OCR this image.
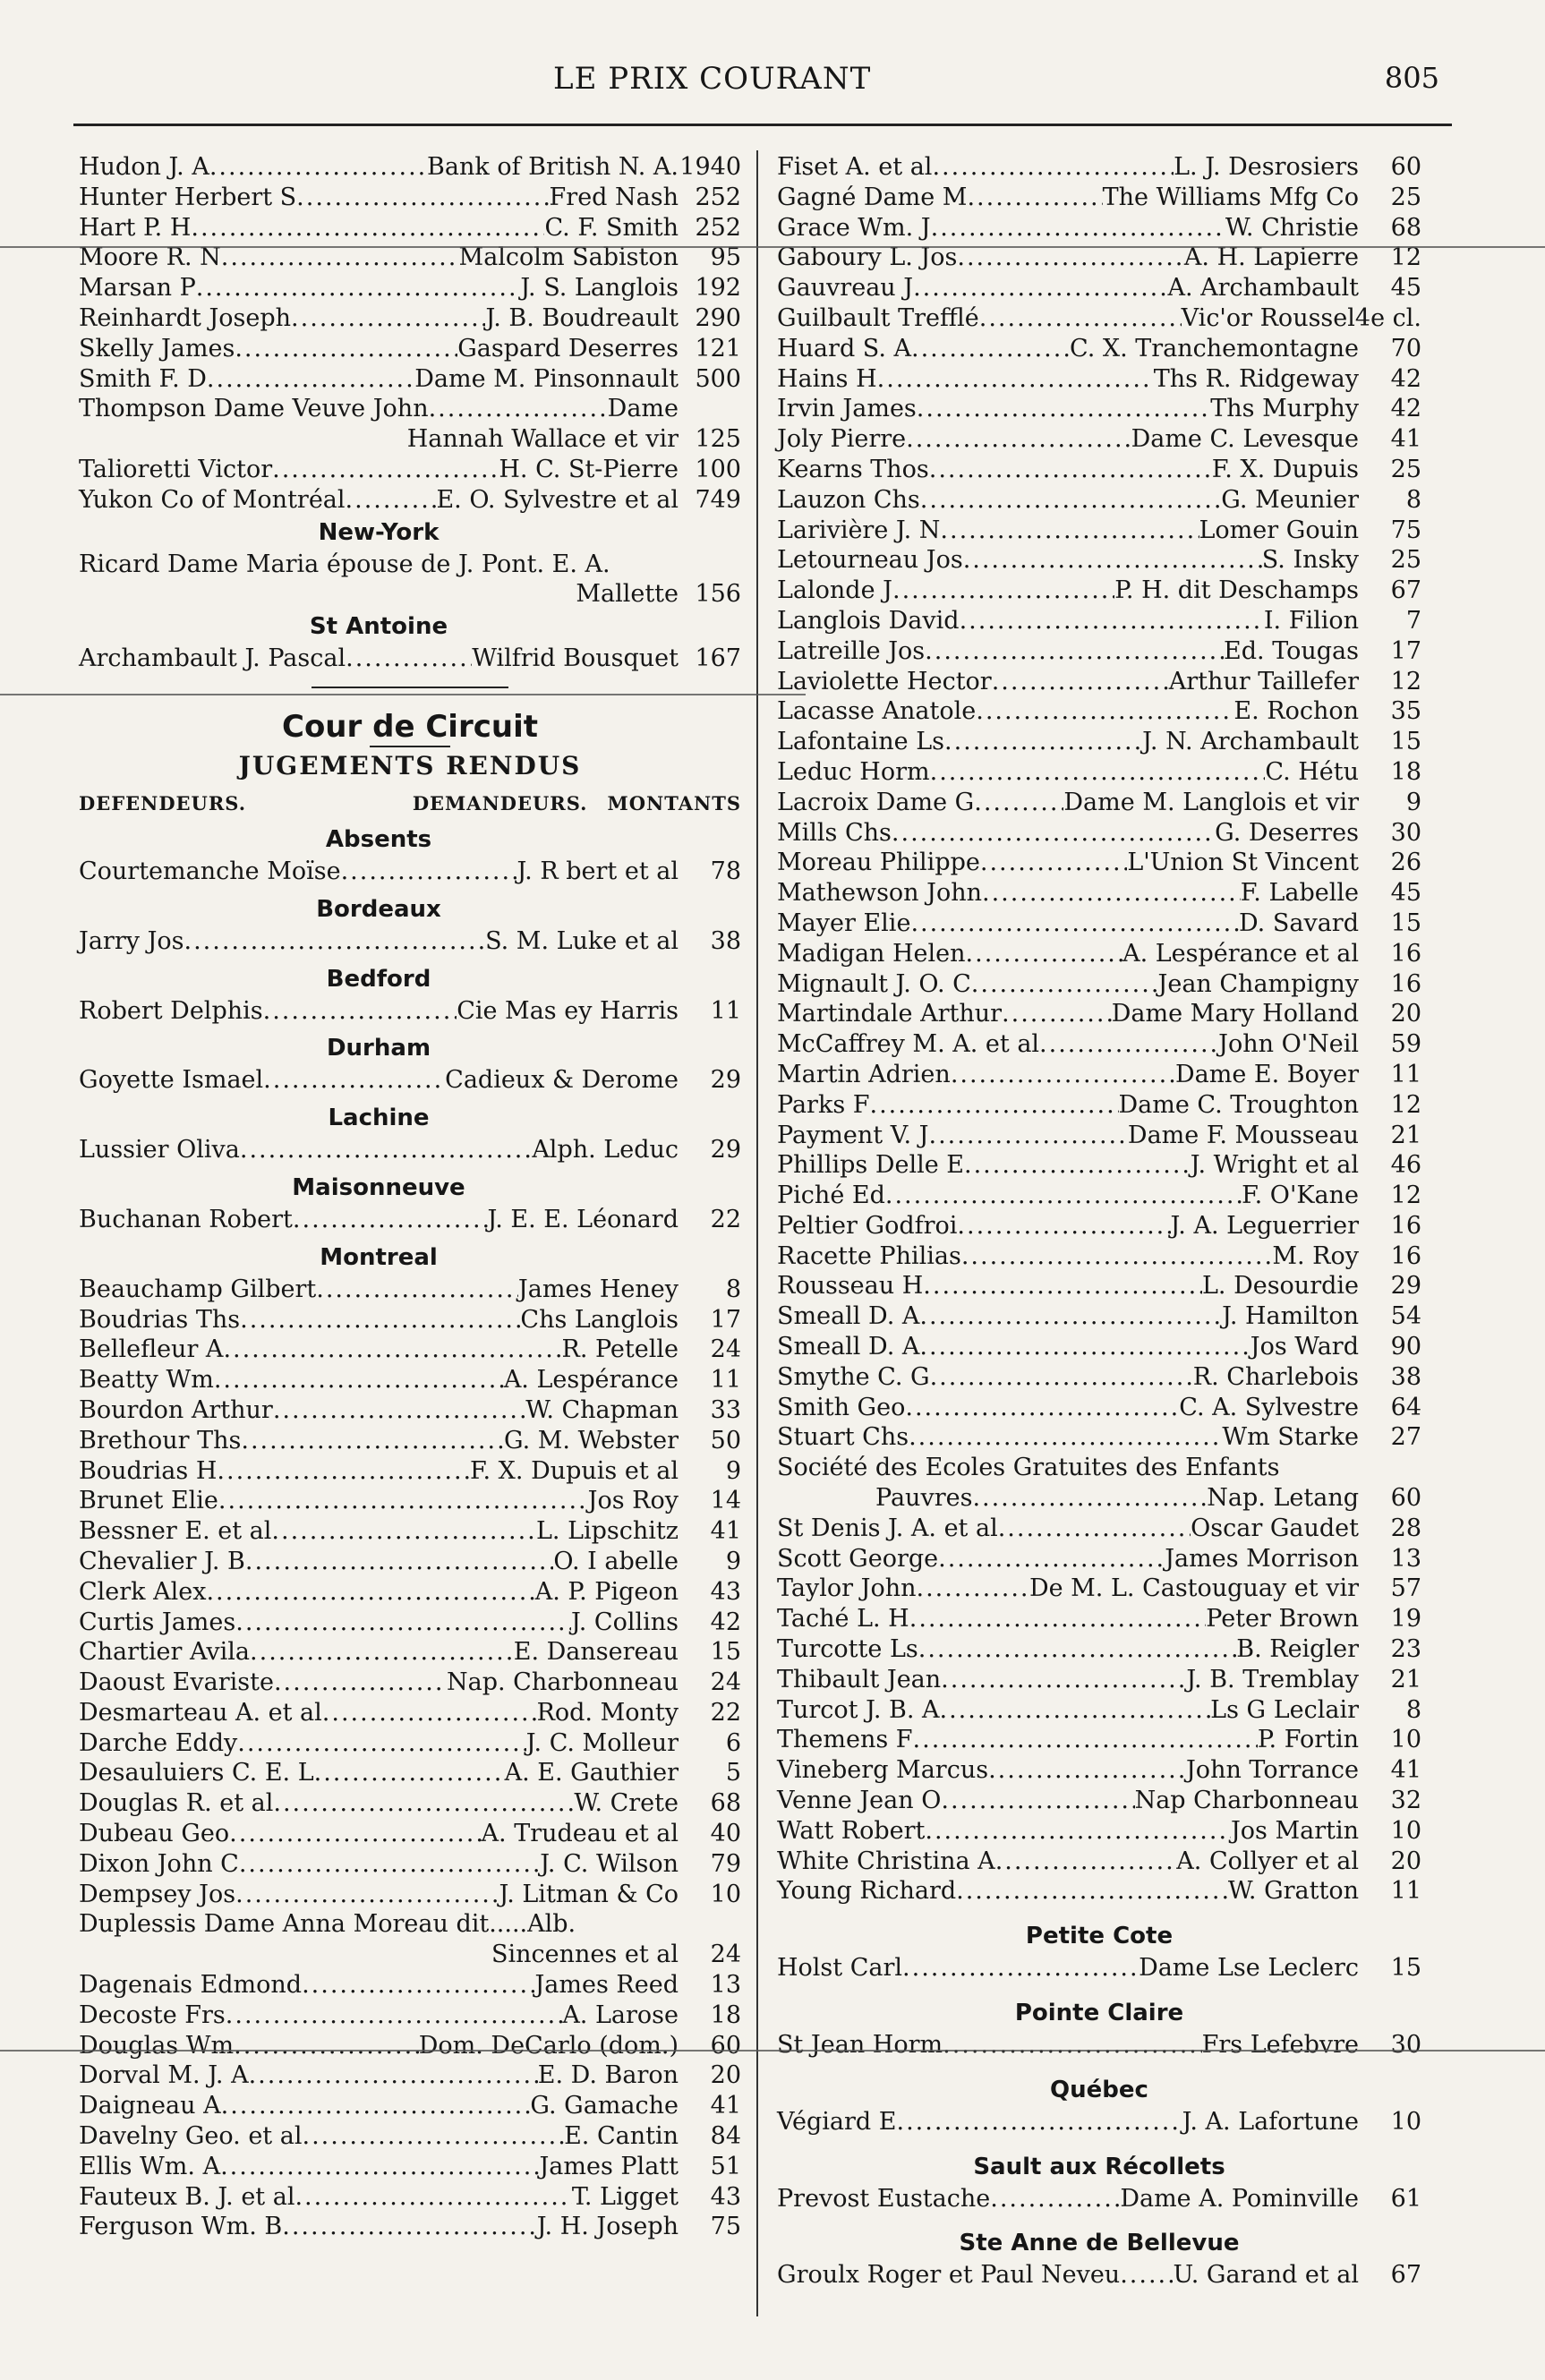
LE PRIX COURANT	805
Hudon J. A .....	Bank of British N. A. 1940
Hunter Herbert S .....	Fred Nash 252
Hart P. H .....	C. F. Smith 252
Moore R. N .....	Malcolm Sabiston	95
Marsan P .....	J. S. Langlois 192
Reinhardt Joseph .....	J. B. Boudreault 290
Skelly James .....	Gaspard Deserres 121
Smith F. D .....	Dame M. Pinsonnault 500
Thompson Dame Veuve John .....	Dame
Hannah Wallace et vir 125
Talioretti Victor .....	H. C. St-Pierre 100
Yukon Co of Montréal .....	E. O. Sylvestre et al 749
New-York
Ricard Dame Maria épouse de J. Pont. E. A.
Mallette 156
St Antoine
Archambault J. Pascal .....	Wilfrid Bousquet 167
Cour de Circuit
JUGEMENTS RENDUS
DEFENDEURS.	DEMANDEURS. MONTANTS
Absents
Courtemanche Moïse .....	J. R bert et al	78
Bordeaux
Jarry Jos .....	S. M. Luke et al	38
Bedford
Robert Delphis .....	Cie Mas ey Harris	11
Durham
Goyette Ismael .....	Cadieux & Derome	29
Lachine
Lussier Oliva .....	Alph. Leduc	29
Maisonneuve
Buchanan Robert .....	J. E. E. Léonard	22
Montreal
Beauchamp Gilbert .....	James Heney	8
Boudrias Ths .....	Chs Langlois	17
Bellefleur A .....	R. Petelle	24
Beatty Wm .....	A. Lespérance	11
Bourdon Arthur .....	W. Chapman	33
Brethour Ths .....	G. M. Webster	50
Boudrias H .....	F. X. Dupuis et al	9
Brunet Elie .....	Jos Roy	14
Bessner E. et al .....	L. Lipschitz	41
Chevalier J. B .....	O. I abelle	9
Clerk Alex .....	A. P. Pigeon	43
Curtis James .....	J. Collins	42
Chartier Avila .....	E. Dansereau	15
Daoust Evariste .....	Nap. Charbonneau	24
Desmarteau A. et al .....	Rod. Monty	22
Darche Eddy .....	J. C. Molleur	6
Desauluiers C. E. L .....	A. E. Gauthier	5
Douglas R. et al .....	W. Crete	68
Dubeau Geo .....	A. Trudeau et al	40
Dixon John C .....	J. C. Wilson	79
Dempsey Jos .....	J. Litman & Co	10
Duplessis Dame Anna Moreau dit.....Alb.
Sincennes et al	24
Dagenais Edmond .....	James Reed	13
Decoste Frs .....	A. Larose	18
Douglas Wm .....	Dom. DeCarlo (dom.)	60
Dorval M. J. A .....	E. D. Baron	20
Daigneau A .....	G. Gamache	41
Davelny Geo. et al .....	E. Cantin	84
Ellis Wm. A .....	James Platt	51
Fauteux B. J. et al .....	T. Ligget	43
Ferguson Wm. B .....	J. H. Joseph	75
Fiset A. et al .....	L. J. Desrosiers	60
Gagné Dame M .....	The Williams Mfg Co	25
Grace Wm. J .....	W. Christie	68
Gaboury L. Jos .....	A. H. Lapierre	12
Gauvreau J .....	A. Archambault	45
Guilbault Trefflé .....	Vic'or Roussel 4e cl.
Huard S. A .....	C. X. Tranchemontagne	70
Hains H .....	Ths R. Ridgeway	42
Irvin James .....	Ths Murphy	42
Joly Pierre .....	Dame C. Levesque	41
Kearns Thos .....	F. X. Dupuis	25
Lauzon Chs .....	G. Meunier	8
Larivière J. N .....	Lomer Gouin	75
Letourneau Jos .....	S. Insky	25
Lalonde J .....	P. H. dit Deschamps	67
Langlois David .....	I. Filion	7
Latreille Jos .....	Ed. Tougas	17
Laviolette Hector .....	Arthur Taillefer	12
Lacasse Anatole .....	E. Rochon	35
Lafontaine Ls .....	J. N. Archambault	15
Leduc Horm .....	C. Hétu	18
Lacroix Dame G .....	Dame M. Langlois et vir	9
Mills Chs .....	G. Deserres	30
Moreau Philippe .....	L'Union St Vincent	26
Mathewson John .....	F. Labelle	45
Mayer Elie .....	D. Savard	15
Madigan Helen .....	A. Lespérance et al	16
Mignault J. O. C .....	Jean Champigny	16
Martindale Arthur .....	Dame Mary Holland	20
McCaffrey M. A. et al .....	John O'Neil	59
Martin Adrien .....	Dame E. Boyer	11
Parks F .....	Dame C. Troughton	12
Payment V. J .....	Dame F. Mousseau	21
Phillips Delle E .....	J. Wright et al	46
Piché Ed .....	F. O'Kane	12
Peltier Godfroi .....	J. A. Leguerrier	16
Racette Philias .....	M. Roy	16
Rousseau H .....	L. Desourdie	29
Smeall D. A .....	J. Hamilton	54
Smeall D. A .....	Jos Ward	90
Smythe C. G .....	R. Charlebois	38
Smith Geo .....	C. A. Sylvestre	64
Stuart Chs .....	Wm Starke	27
Société des Ecoles Gratuites des Enfants
Pauvres .....	Nap. Letang	60
St Denis J. A. et al .....	Oscar Gaudet	28
Scott George .....	James Morrison	13
Taylor John .....	De M. L. Castouguay et vir	57
Taché L. H .....	Peter Brown	19
Turcotte Ls .....	B. Reigler	23
Thibault Jean .....	J. B. Tremblay	21
Turcot J. B. A .....	Ls G Leclair	8
Themens F .....	P. Fortin	10
Vineberg Marcus .....	John Torrance	41
Venne Jean O .....	Nap Charbonneau	32
Watt Robert .....	Jos Martin	10
White Christina A .....	A. Collyer et al	20
Young Richard .....	W. Gratton	11
Petite Cote
Holst Carl .....	Dame Lse Leclerc	15
Pointe Claire
St Jean Horm .....	Frs Lefebvre	30
Québec
Végiard E .....	J. A. Lafortune	10
Sault aux Récollets
Prevost Eustache .....	Dame A. Pominville	61
Ste Anne de Bellevue
Groulx Roger et Paul Neveu ..... U. Garand et al	67
